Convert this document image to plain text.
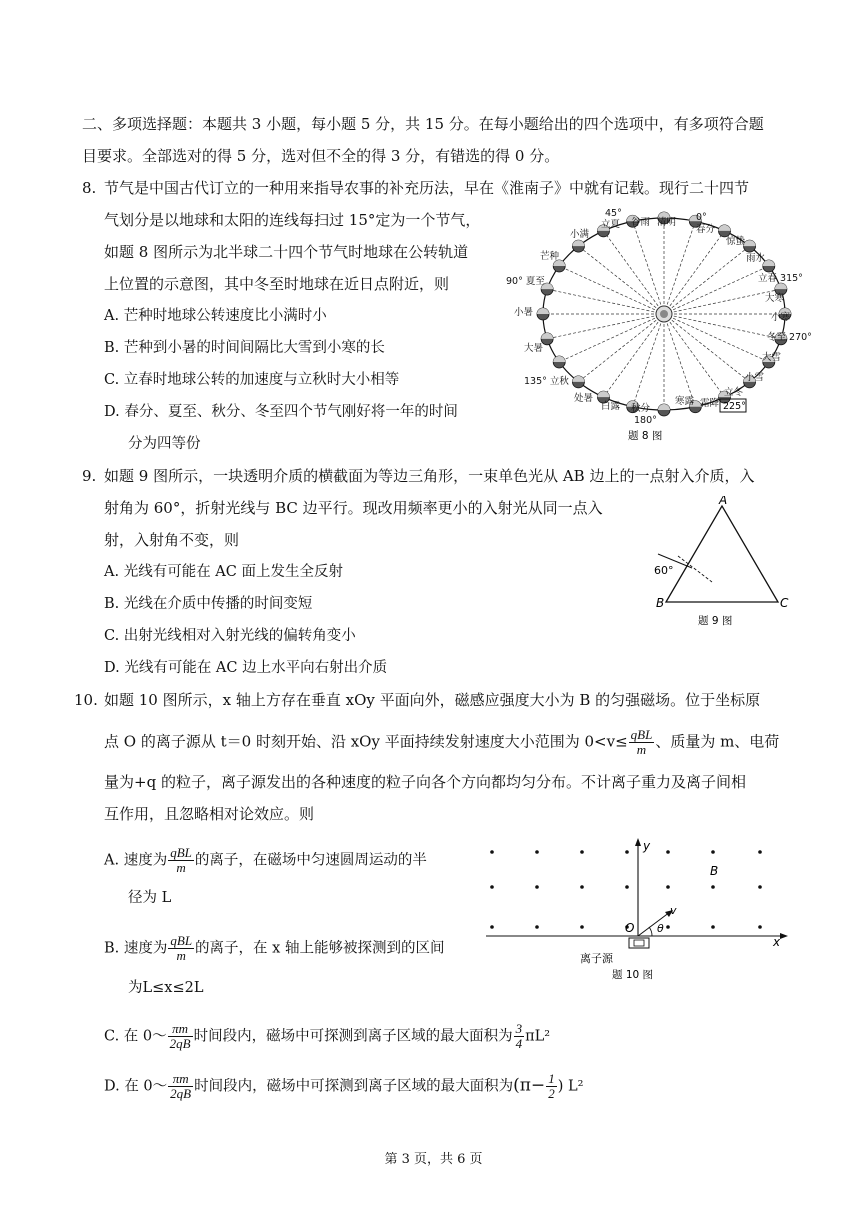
二、多项选择题：本题共 3 小题，每小题 5 分，共 15 分。在每小题给出的四个选项中，有多项符合题
目要求。全部选对的得 5 分，选对但不全的得 3 分，有错选的得 0 分。
8. 节气是中国古代订立的一种用来指导农事的补充历法，早在《淮南子》中就有记载。现行二十四节
气划分是以地球和太阳的连线每扫过 15°定为一个节气，
如题 8 图所示为北半球二十四个节气时地球在公转轨道
上位置的示意图，其中冬至时地球在近日点附近，则
A. 芒种时地球公转速度比小满时小
B. 芒种到小暑的时间间隔比大雪到小寒的长
C. 立春时地球公转的加速度与立秋时大小相等
D. 春分、夏至、秋分、冬至四个节气刚好将一年的时间
分为四等份
45°
立夏 谷雨 清明 0°
春分
惊蛰
小满
雨水
芒种
立春 315°
90° 夏至
大寒
小暑	小寒
冬至 270°
大暑
大雪
小雪
135° 立秋
立冬
霜降
寒露
处暑
白露 秋分
180°
225°
题 8 图
9. 如题 9 图所示，一块透明介质的横截面为等边三角形，一束单色光从 AB 边上的一点射入介质，入
射角为 60°，折射光线与 BC 边平行。现改用频率更小的入射光从同一点入
射，入射角不变，则
A. 光线有可能在 AC 面上发生全反射
B. 光线在介质中传播的时间变短
C. 出射光线相对入射光线的偏转角变小
D. 光线有可能在 AC 边上水平向右射出介质
60°
A
B	C
题 9 图
10. 如题 10 图所示，x 轴上方存在垂直 xOy 平面向外，磁感应强度大小为 B 的匀强磁场。位于坐标原
点 O 的离子源从 t＝0 时刻开始、沿 xOy 平面持续发射速度大小范围为 $0<v\le \frac{\text{qBL}}{m}$ 、质量为 m、电荷
量为+q 的粒子，离子源发出的各种速度的粒子向各个方向都均匀分布。不计离子重力及离子间相
互作用，且忽略相对论效应。则
A. 速度为 $\frac{\text{qBL}}{m}$ 的离子，在磁场中匀速圆周运动的半
径为 L
B. 速度为 $\frac{\text{qBL}}{m}$ 的离子，在 x 轴上能够被探测到的区间
为L≤x≤2L
C. 在 0～ $\frac{\pi m}{2qB}$ 时间段内，磁场中可探测到离子区域的最大面积为 $\frac{3}{4} \pi L^2$
D. 在 0～ $\frac{\pi m}{2qB}$ 时间段内，磁场中可探测到离子区域的最大面积为($\pi- \frac{1}{2}$ ) L²
y
x
O
B
v
θ
离子源
题 10 图
第 3 页，共 6 页
